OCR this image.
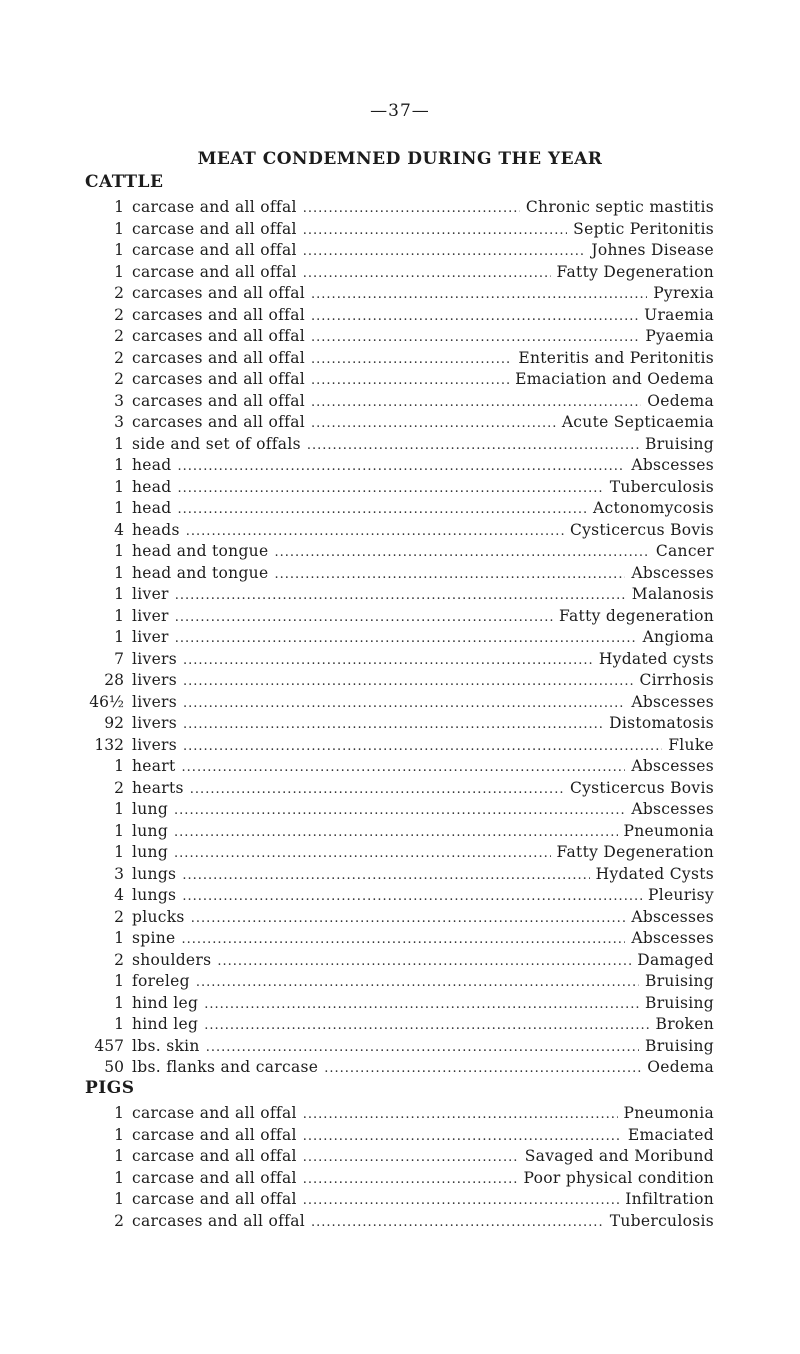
—37—
MEAT CONDEMNED DURING THE YEAR
CATTLE
1 carcase and all offal .....	Chronic septic mastitis
1 carcase and all offal .....	Septic Peritonitis
1 carcase and all offal .....	Johnes Disease
1 carcase and all offal .....	Fatty Degeneration
2 carcases and all offal .....	Pyrexia
2 carcases and all offal .....	Uraemia
2 carcases and all offal .....	Pyaemia
2 carcases and all offal .....	Enteritis and Peritonitis
2 carcases and all offal .....	Emaciation and Oedema
3 carcases and all offal .....	Oedema
3 carcases and all offal .....	Acute Septicaemia
1 side and set of offals .....	Bruising
1 head .....	Abscesses
1 head .....	Tuberculosis
1 head .....	Actonomycosis
4 heads .....	Cysticercus Bovis
1 head and tongue .....	Cancer
1 head and tongue .....	Abscesses
1 liver .....	Malanosis
1 liver .....	Fatty degeneration
1 liver .....	Angioma
7 livers .....	Hydated cysts
28 livers .....	Cirrhosis
46½ livers .....	Abscesses
92 livers .....	Distomatosis
132 livers .....	Fluke
1 heart .....	Abscesses
2 hearts .....	Cysticercus Bovis
1 lung .....	Abscesses
1 lung .....	Pneumonia
1 lung .....	Fatty Degeneration
3 lungs .....	Hydated Cysts
4 lungs .....	Pleurisy
2 plucks .....	Abscesses
1 spine .....	Abscesses
2 shoulders .....	Damaged
1 foreleg .....	Bruising
1 hind leg .....	Bruising
1 hind leg .....	Broken
457 lbs. skin .....	Bruising
50 lbs. flanks and carcase .....	Oedema
PIGS
1 carcase and all offal .....	Pneumonia
1 carcase and all offal .....	Emaciated
1 carcase and all offal .....	Savaged and Moribund
1 carcase and all offal .....	Poor physical condition
1 carcase and all offal .....	Infiltration
2 carcases and all offal .....	Tuberculosis
